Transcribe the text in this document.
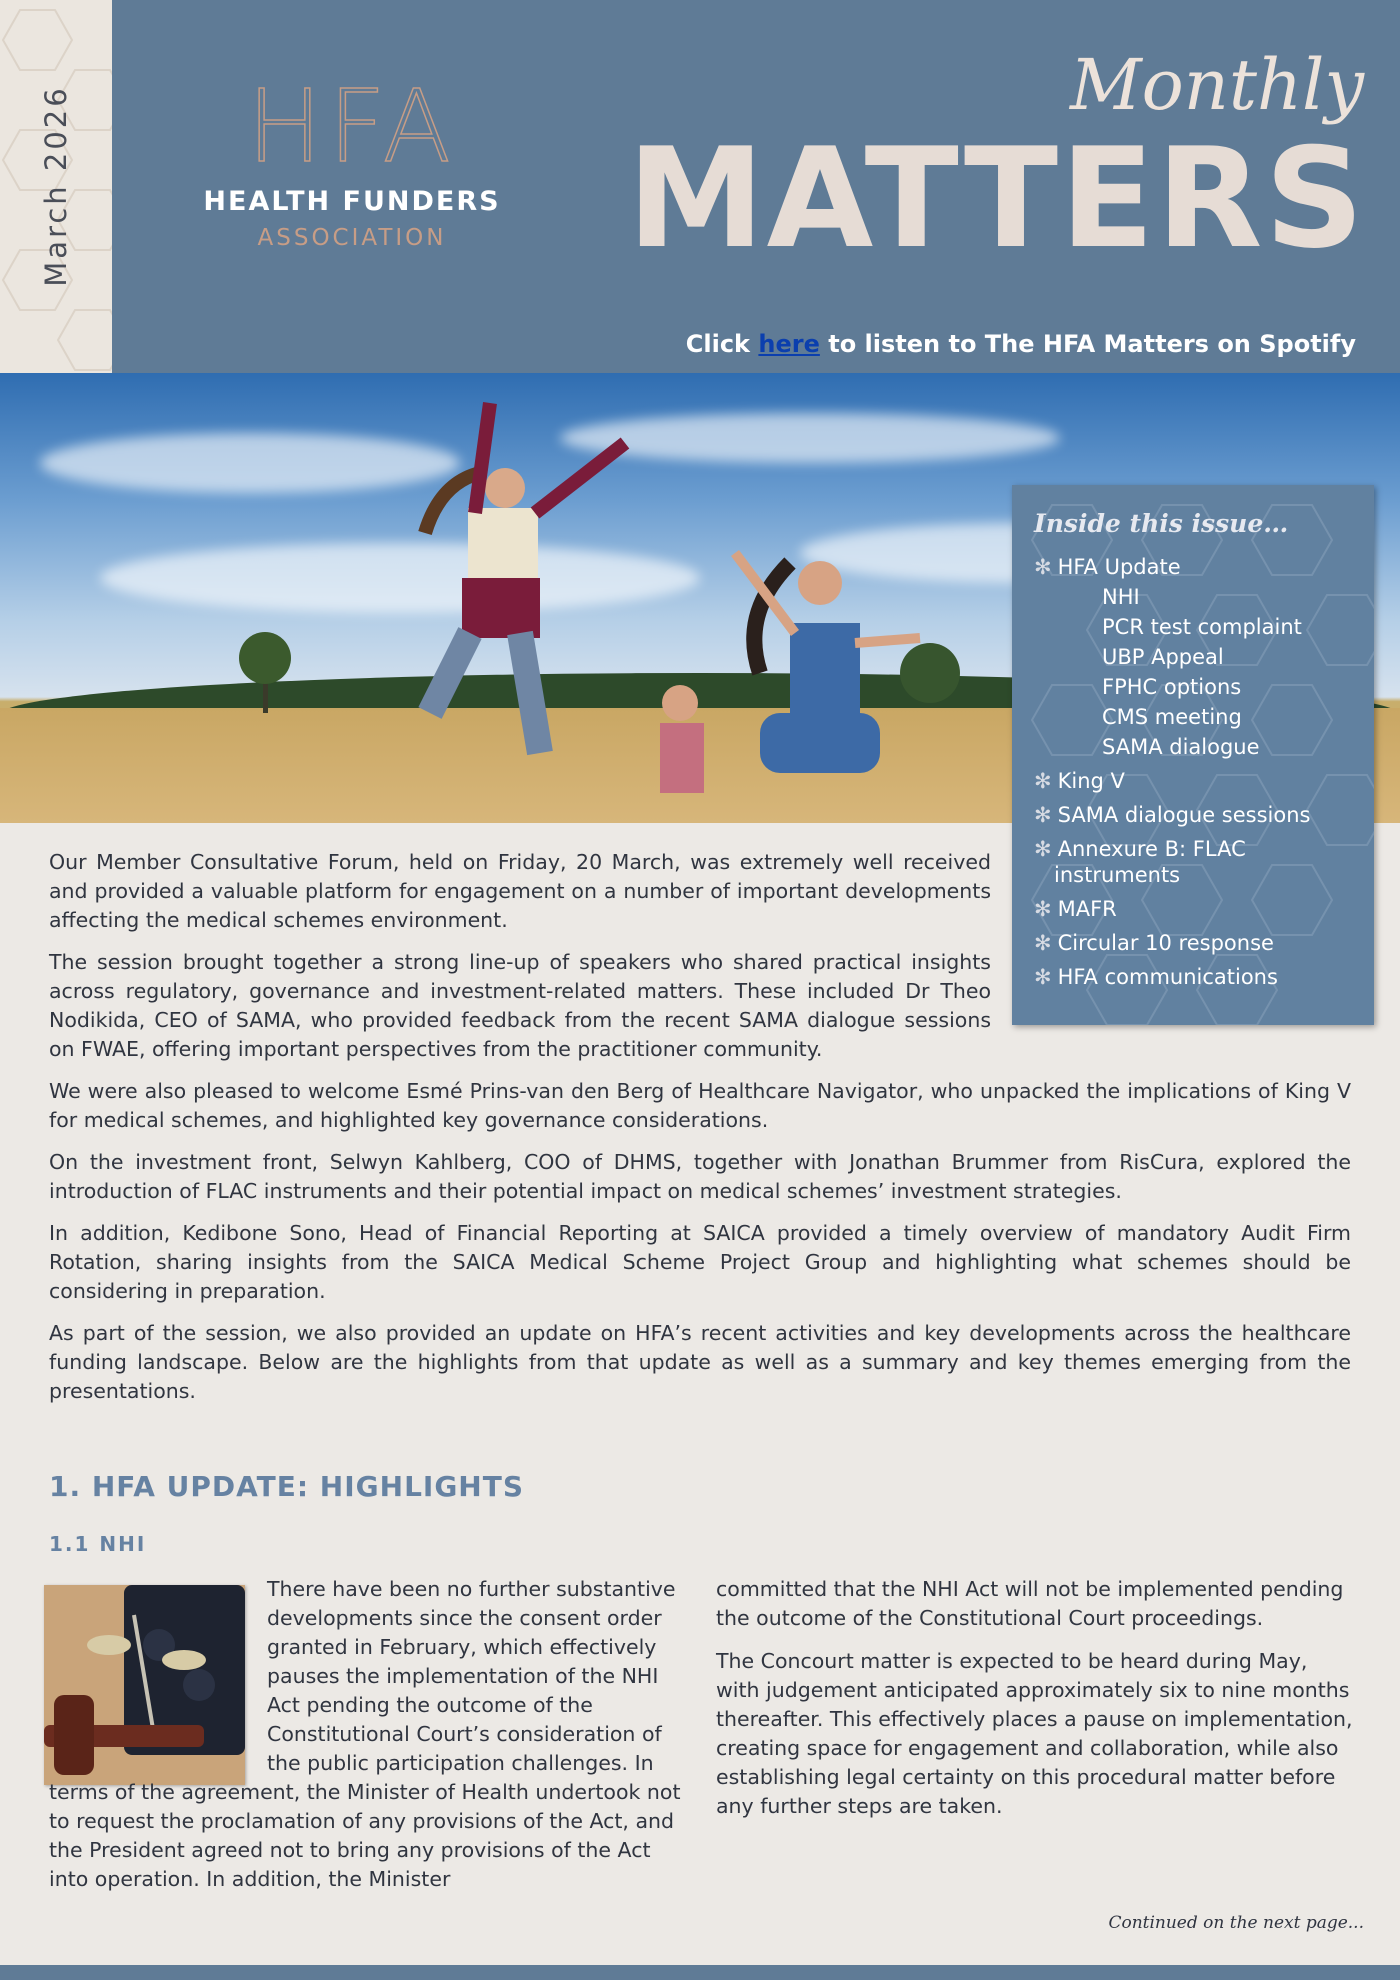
March 2026	HFA
HEALTH FUNDERS
ASSOCIATION
Monthly
MATTERS
Click here to listen to The HFA Matters on Spotify
Inside this issue…
✻ HFA Update
NHI
PCR test complaint
UBP Appeal
FPHC options
CMS meeting
SAMA dialogue
✻ King V
✻ SAMA dialogue sessions
✻ Annexure B: FLAC instruments
✻ MAFR
✻ Circular 10 response
✻ HFA communications

Our Member Consultative Forum, held on Friday, 20 March, was extremely well received and provided a valuable platform for engagement on a number of important developments affecting the medical schemes environment.

The session brought together a strong line-up of speakers who shared practical insights across regulatory, governance and investment-related matters. These included Dr Theo Nodikida, CEO of SAMA, who provided feedback from the recent SAMA dialogue sessions on FWAE, offering important perspectives from the practitioner community.

We were also pleased to welcome Esmé Prins-van den Berg of Healthcare Navigator, who unpacked the implications of King V for medical schemes, and highlighted key governance considerations.

On the investment front, Selwyn Kahlberg, COO of DHMS, together with Jonathan Brummer from RisCura, explored the introduction of FLAC instruments and their potential impact on medical schemes’ investment strategies.

In addition, Kedibone Sono, Head of Financial Reporting at SAICA provided a timely overview of mandatory Audit Firm Rotation, sharing insights from the SAICA Medical Scheme Project Group and highlighting what schemes should be considering in preparation.

As part of the session, we also provided an update on HFA’s recent activities and key developments across the healthcare funding landscape. Below are the highlights from that update as well as a summary and key themes emerging from the presentations.

1. HFA UPDATE: HIGHLIGHTS
1.1 NHI
There have been no further substantive developments since the consent order granted in February, which effectively pauses the implementation of the NHI Act pending the outcome of the Constitutional Court’s consideration of the public participation challenges. In terms of the agreement, the Minister of Health undertook not to request the proclamation of any provisions of the Act, and the President agreed not to bring any provisions of the Act into operation. In addition, the Minister

committed that the NHI Act will not be implemented pending the outcome of the Constitutional Court proceedings.

The Concourt matter is expected to be heard during May, with judgement anticipated approximately six to nine months thereafter. This effectively places a pause on implementation, creating space for engagement and collaboration, while also establishing legal certainty on this procedural matter before any further steps are taken.

Continued on the next page...
